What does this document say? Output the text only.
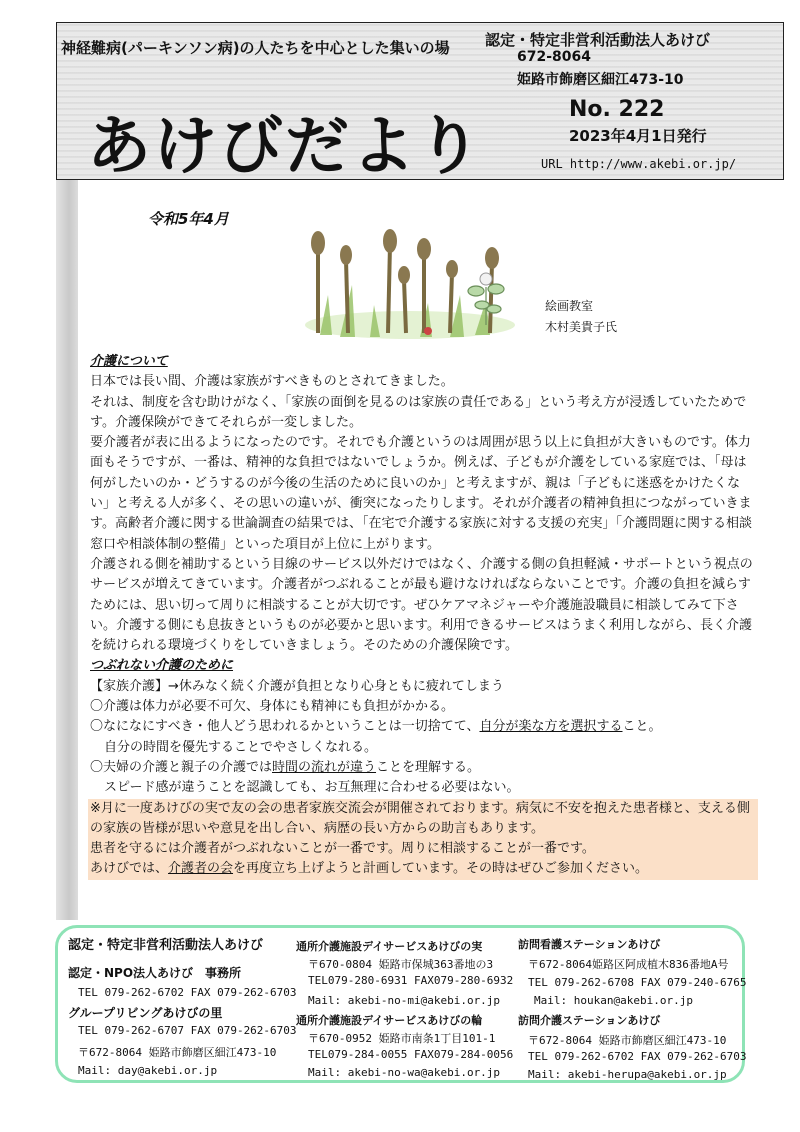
神経難病(パーキンソン病)の人たちを中心とした集いの場
あけびだより
認定・特定非営利活動法人あけび
672-8064
姫路市飾磨区細江473-10
No. 222
2023年4月1日発行
URL http://www.akebi.or.jp/
令和5年4月
絵画教室
木村美貴子氏

介護について

日本では長い間、介護は家族がすべきものとされてきました。

それは、制度を含む助けがなく、「家族の面倒を見るのは家族の責任である」という考え方が浸透していたためです。介護保険ができてそれらが一変しました。

要介護者が表に出るようになったのです。それでも介護というのは周囲が思う以上に負担が大きいものです。体力面もそうですが、一番は、精神的な負担ではないでしょうか。例えば、子どもが介護をしている家庭では、「母は何がしたいのか・どうするのが今後の生活のために良いのか」と考えますが、親は「子どもに迷惑をかけたくない」と考える人が多く、その思いの違いが、衝突になったりします。それが介護者の精神負担につながっていきます。高齢者介護に関する世論調査の結果では、「在宅で介護する家族に対する支援の充実」「介護問題に関する相談窓口や相談体制の整備」といった項目が上位に上がります。

介護される側を補助するという目線のサービス以外だけではなく、介護する側の負担軽減・サポートという視点のサービスが増えてきています。介護者がつぶれることが最も避けなければならないことです。介護の負担を減らすためには、思い切って周りに相談することが大切です。ぜひケアマネジャーや介護施設職員に相談してみて下さい。介護する側にも息抜きというものが必要かと思います。利用できるサービスはうまく利用しながら、長く介護を続けられる環境づくりをしていきましょう。そのための介護保険です。

つぶれない介護のために

【家族介護】→休みなく続く介護が負担となり心身ともに疲れてしまう

〇介護は体力が必要不可欠、身体にも精神にも負担がかかる。

〇なになにすべき・他人どう思われるかということは一切捨てて、自分が楽な方を選択すること。

自分の時間を優先することでやさしくなれる。

〇夫婦の介護と親子の介護では時間の流れが違うことを理解する。

スピード感が違うことを認識しても、お互無理に合わせる必要はない。

※月に一度あけびの実で友の会の患者家族交流会が開催されております。病気に不安を抱えた患者様と、支える側の家族の皆様が思いや意見を出し合い、病歴の長い方からの助言もあります。

患者を守るには介護者がつぶれないことが一番です。周りに相談することが一番です。

あけびでは、介護者の会を再度立ち上げようと計画しています。その時はぜひご参加ください。

認定・特定非営利活動法人あけび
認定・NPO法人あけび　事務所
TEL 079-262-6702 FAX 079-262-6703
グループリビングあけびの里
TEL 079-262-6707 FAX 079-262-6703
〒672-8064 姫路市飾磨区細江473-10
Mail: day@akebi.or.jp
通所介護施設デイサービスあけびの実
〒670-0804 姫路市保城363番地の3
TEL079-280-6931 FAX079-280-6932
Mail: akebi-no-mi@akebi.or.jp
通所介護施設デイサービスあけびの輪
〒670-0952 姫路市南条1丁目101-1
TEL079-284-0055 FAX079-284-0056
Mail: akebi-no-wa@akebi.or.jp
訪問看護ステーションあけび
〒672-8064姫路区阿成植木836番地A号
TEL 079-262-6708 FAX 079-240-6765
Mail: houkan@akebi.or.jp
訪問介護ステーションあけび
〒672-8064 姫路市飾磨区細江473-10
TEL 079-262-6702 FAX 079-262-6703
Mail: akebi-herupa@akebi.or.jp
